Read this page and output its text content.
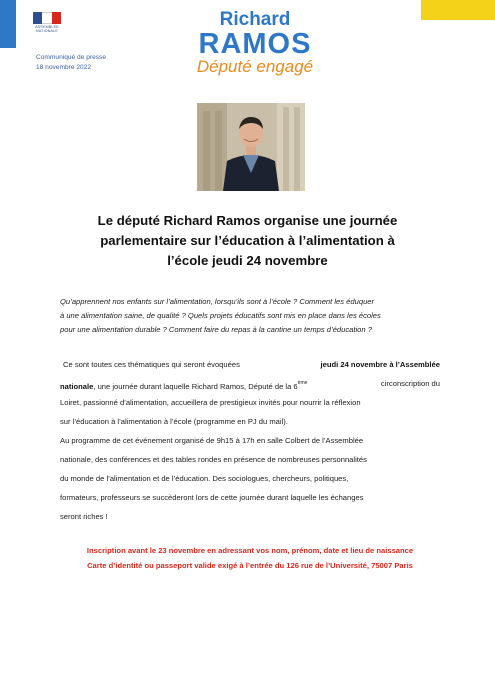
ASSEMBLÉE NATIONALE
Communiqué de presse
18 novembre 2022
Richard
RAMOS
Député engagé
Le député Richard Ramos organise une journée
parlementaire sur l’éducation à l’alimentation à
l’école jeudi 24 novembre
Qu’apprennent nos enfants sur l’alimentation, lorsqu’ils sont à l’école ? Comment les éduquer
à une alimentation saine, de qualité ? Quels projets éducatifs sont mis en place dans les écoles
pour une alimentation durable ? Comment faire du repas à la cantine un temps d’éducation ?
Ce sont toutes ces thématiques qui seront évoquées	jeudi 24 novembre à l’Assemblée
nationale, une journée durant laquelle Richard Ramos, Député de la 6ème	circonscription du
Loiret, passionné d’alimentation, accueillera de prestigieux invités pour nourrir la réflexion
sur l’éducation à l’alimentation à l’école (programme en PJ du mail).
Au programme de cet événement organisé de 9h15 à 17h en salle Colbert de l’Assemblée
nationale, des conférences et des tables rondes en présence de nombreuses personnalités
du monde de l’alimentation et de l’éducation. Des sociologues, chercheurs, politiques,
formateurs, professeurs se succèderont lors de cette journée durant laquelle les échanges
seront riches !
Inscription avant le 23 novembre en adressant vos nom, prénom, date et lieu de naissance
Carte d’identité ou passeport valide exigé à l’entrée du 126 rue de l’Université, 75007 Paris
